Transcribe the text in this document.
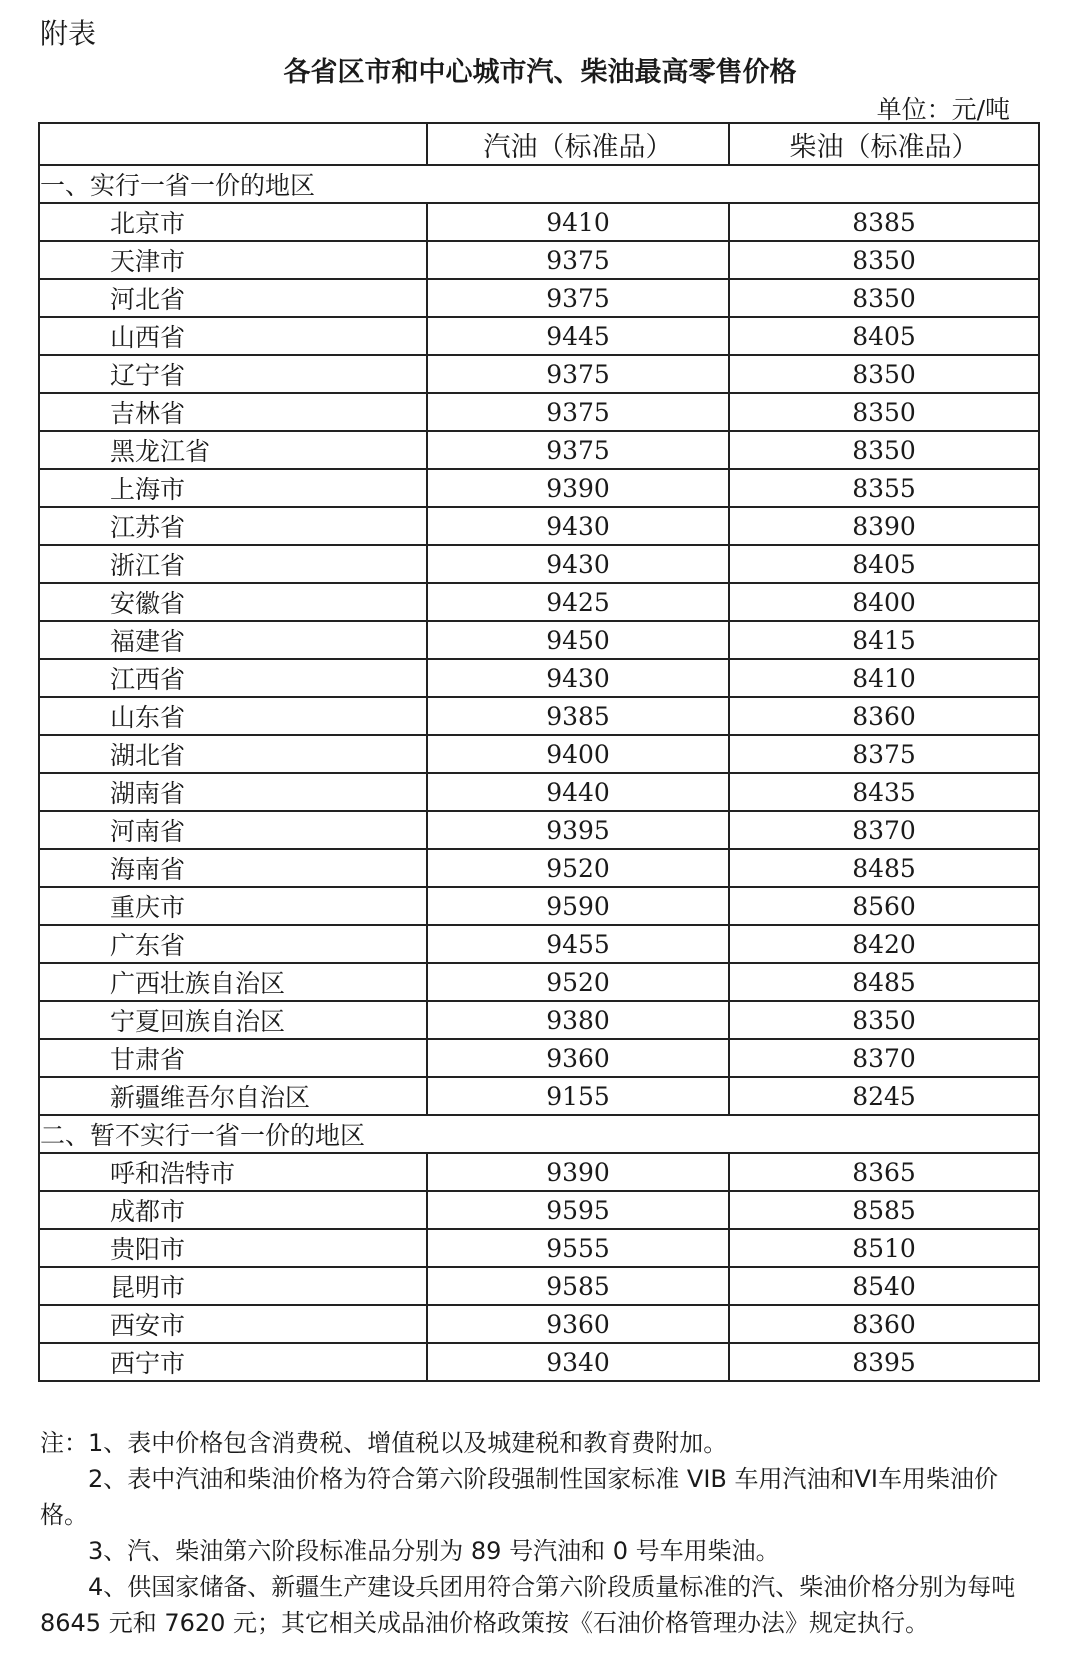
附表
各省区市和中心城市汽、柴油最高零售价格
单位：元/吨
	汽油（标准品）	柴油（标准品）
一、实行一省一价的地区		
北京市	9410	8385
天津市	9375	8350
河北省	9375	8350
山西省	9445	8405
辽宁省	9375	8350
吉林省	9375	8350
黑龙江省	9375	8350
上海市	9390	8355
江苏省	9430	8390
浙江省	9430	8405
安徽省	9425	8400
福建省	9450	8415
江西省	9430	8410
山东省	9385	8360
湖北省	9400	8375
湖南省	9440	8435
河南省	9395	8370
海南省	9520	8485
重庆市	9590	8560
广东省	9455	8420
广西壮族自治区	9520	8485
宁夏回族自治区	9380	8350
甘肃省	9360	8370
新疆维吾尔自治区	9155	8245
二、暂不实行一省一价的地区		
呼和浩特市	9390	8365
成都市	9595	8585
贵阳市	9555	8510
昆明市	9585	8540
西安市	9360	8360
西宁市	9340	8395

注：1、表中价格包含消费税、增值税以及城建税和教育费附加。

2、表中汽油和柴油价格为符合第六阶段强制性国家标准 VIB 车用汽油和VI车用柴油价格。

3、汽、柴油第六阶段标准品分别为 89 号汽油和 0 号车用柴油。

4、供国家储备、新疆生产建设兵团用符合第六阶段质量标准的汽、柴油价格分别为每吨 8645 元和 7620 元；其它相关成品油价格政策按《石油价格管理办法》规定执行。
